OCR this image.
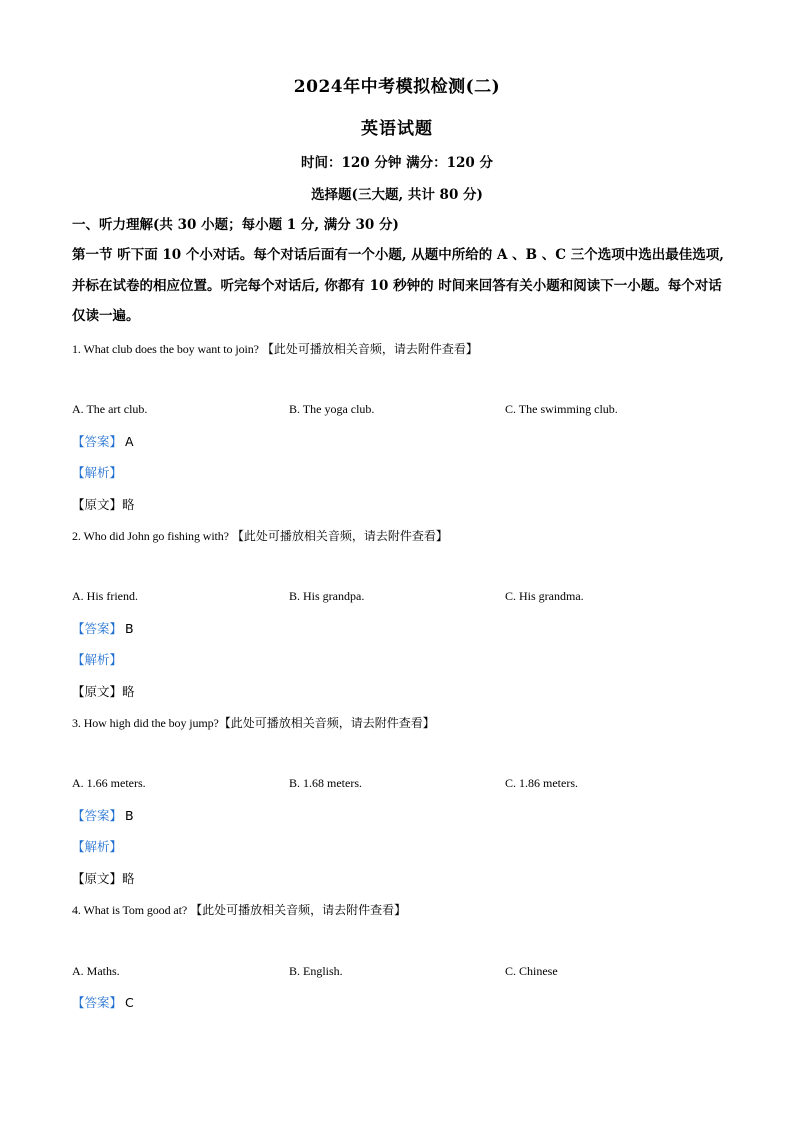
2024年中考模拟检测(二)
英语试题
时间：120 分钟 满分：120 分
选择题(三大题, 共计 80 分)
一、听力理解(共 30 小题；每小题 1 分, 满分 30 分)
第一节 听下面 10 个小对话。每个对话后面有一个小题, 从题中所给的 A 、B 、C 三个选项中选出最佳选项, 并标在试卷的相应位置。听完每个对话后, 你都有 10 秒钟的 时间来回答有关小题和阅读下一小题。每个对话仅读一遍。
1. What club does the boy want to join? 【此处可播放相关音频，请去附件查看】
A. The art club.	B. The yoga club.	C. The swimming club.
【答案】 A
【解析】
【原文】略
2. Who did John go fishing with? 【此处可播放相关音频，请去附件查看】
A. His friend.	B. His grandpa.	C. His grandma.
【答案】 B
【解析】
【原文】略
3. How high did the boy jump?【此处可播放相关音频，请去附件查看】
A. 1.66 meters.	B. 1.68 meters.	C. 1.86 meters.
【答案】 B
【解析】
【原文】略
4. What is Tom good at? 【此处可播放相关音频，请去附件查看】
A. Maths.	B. English.	C. Chinese
【答案】 C
